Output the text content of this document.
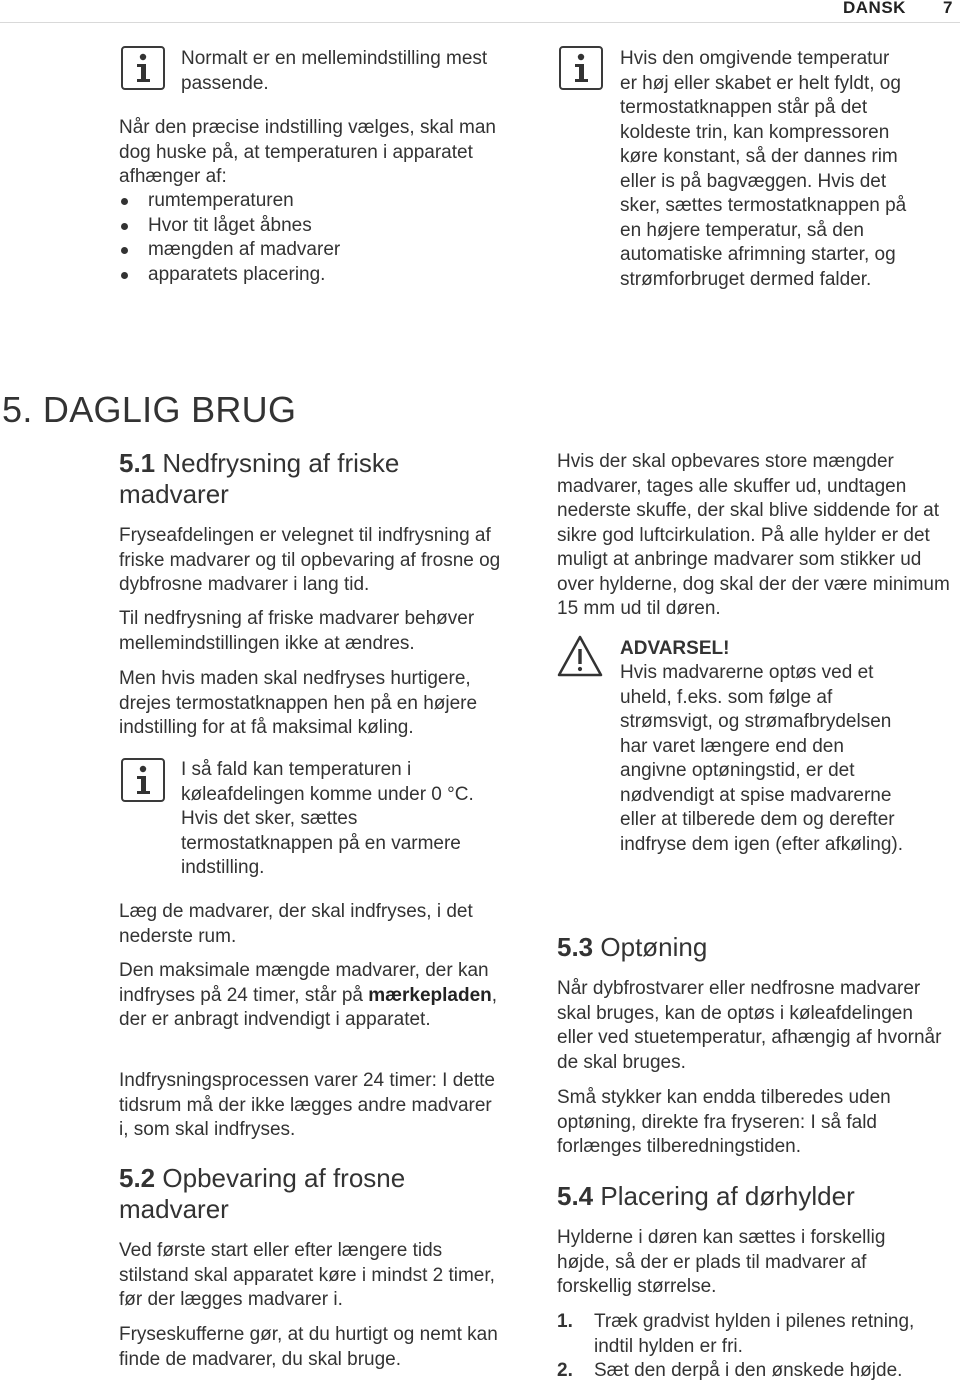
DANSK 7
Normalt er en mellemindstilling mest passende.
Når den præcise indstilling vælges, skal man dog huske på, at temperaturen i apparatet afhænger af:
rumtemperaturen
Hvor tit låget åbnes
mængden af madvarer
apparatets placering.
5. DAGLIG BRUG
5.1 Nedfrysning af friske madvarer
Fryseafdelingen er velegnet til indfrysning af friske madvarer og til opbevaring af frosne og dybfrosne madvarer i lang tid.
Til nedfrysning af friske madvarer behøver mellemindstillingen ikke at ændres.
Men hvis maden skal nedfryses hurtigere, drejes termostatknappen hen på en højere indstilling for at få maksimal køling.
I så fald kan temperaturen i køleafdelingen komme under 0 °C. Hvis det sker, sættes termostatknappen på en varmere indstilling.
Læg de madvarer, der skal indfryses, i det nederste rum.
Den maksimale mængde madvarer, der kan indfryses på 24 timer, står på mærkepladen, der er anbragt indvendigt i apparatet.
Indfrysningsprocessen varer 24 timer: I dette tidsrum må der ikke lægges andre madvarer i, som skal indfryses.
5.2 Opbevaring af frosne madvarer
Ved første start eller efter længere tids stilstand skal apparatet køre i mindst 2 timer, før der lægges madvarer i.
Fryseskufferne gør, at du hurtigt og nemt kan finde de madvarer, du skal bruge.
Hvis den omgivende temperatur er høj eller skabet er helt fyldt, og termostatknappen står på det koldeste trin, kan kompressoren køre konstant, så der dannes rim eller is på bagvæggen. Hvis det sker, sættes termostatknappen på en højere temperatur, så den automatiske afrimning starter, og strømforbruget dermed falder.
Hvis der skal opbevares store mængder madvarer, tages alle skuffer ud, undtagen nederste skuffe, der skal blive siddende for at sikre god luftcirkulation. På alle hylder er det muligt at anbringe madvarer som stikker ud over hylderne, dog skal der der være minimum 15 mm ud til døren.
ADVARSEL!
Hvis madvarerne optøs ved et uheld, f.eks. som følge af strømsvigt, og strømafbrydelsen har varet længere end den angivne optøningstid, er det nødvendigt at spise madvarerne eller at tilberede dem og derefter indfryse dem igen (efter afkøling).
5.3 Optøning
Når dybfrostvarer eller nedfrosne madvarer skal bruges, kan de optøs i køleafdelingen eller ved stuetemperatur, afhængig af hvornår de skal bruges.
Små stykker kan endda tilberedes uden optøning, direkte fra fryseren: I så fald forlænges tilberedningstiden.
5.4 Placering af dørhylder
Hylderne i døren kan sættes i forskellig højde, så der er plads til madvarer af forskellig størrelse.
1. Træk gradvist hylden i pilenes retning, indtil hylden er fri.
2. Sæt den derpå i den ønskede højde.
